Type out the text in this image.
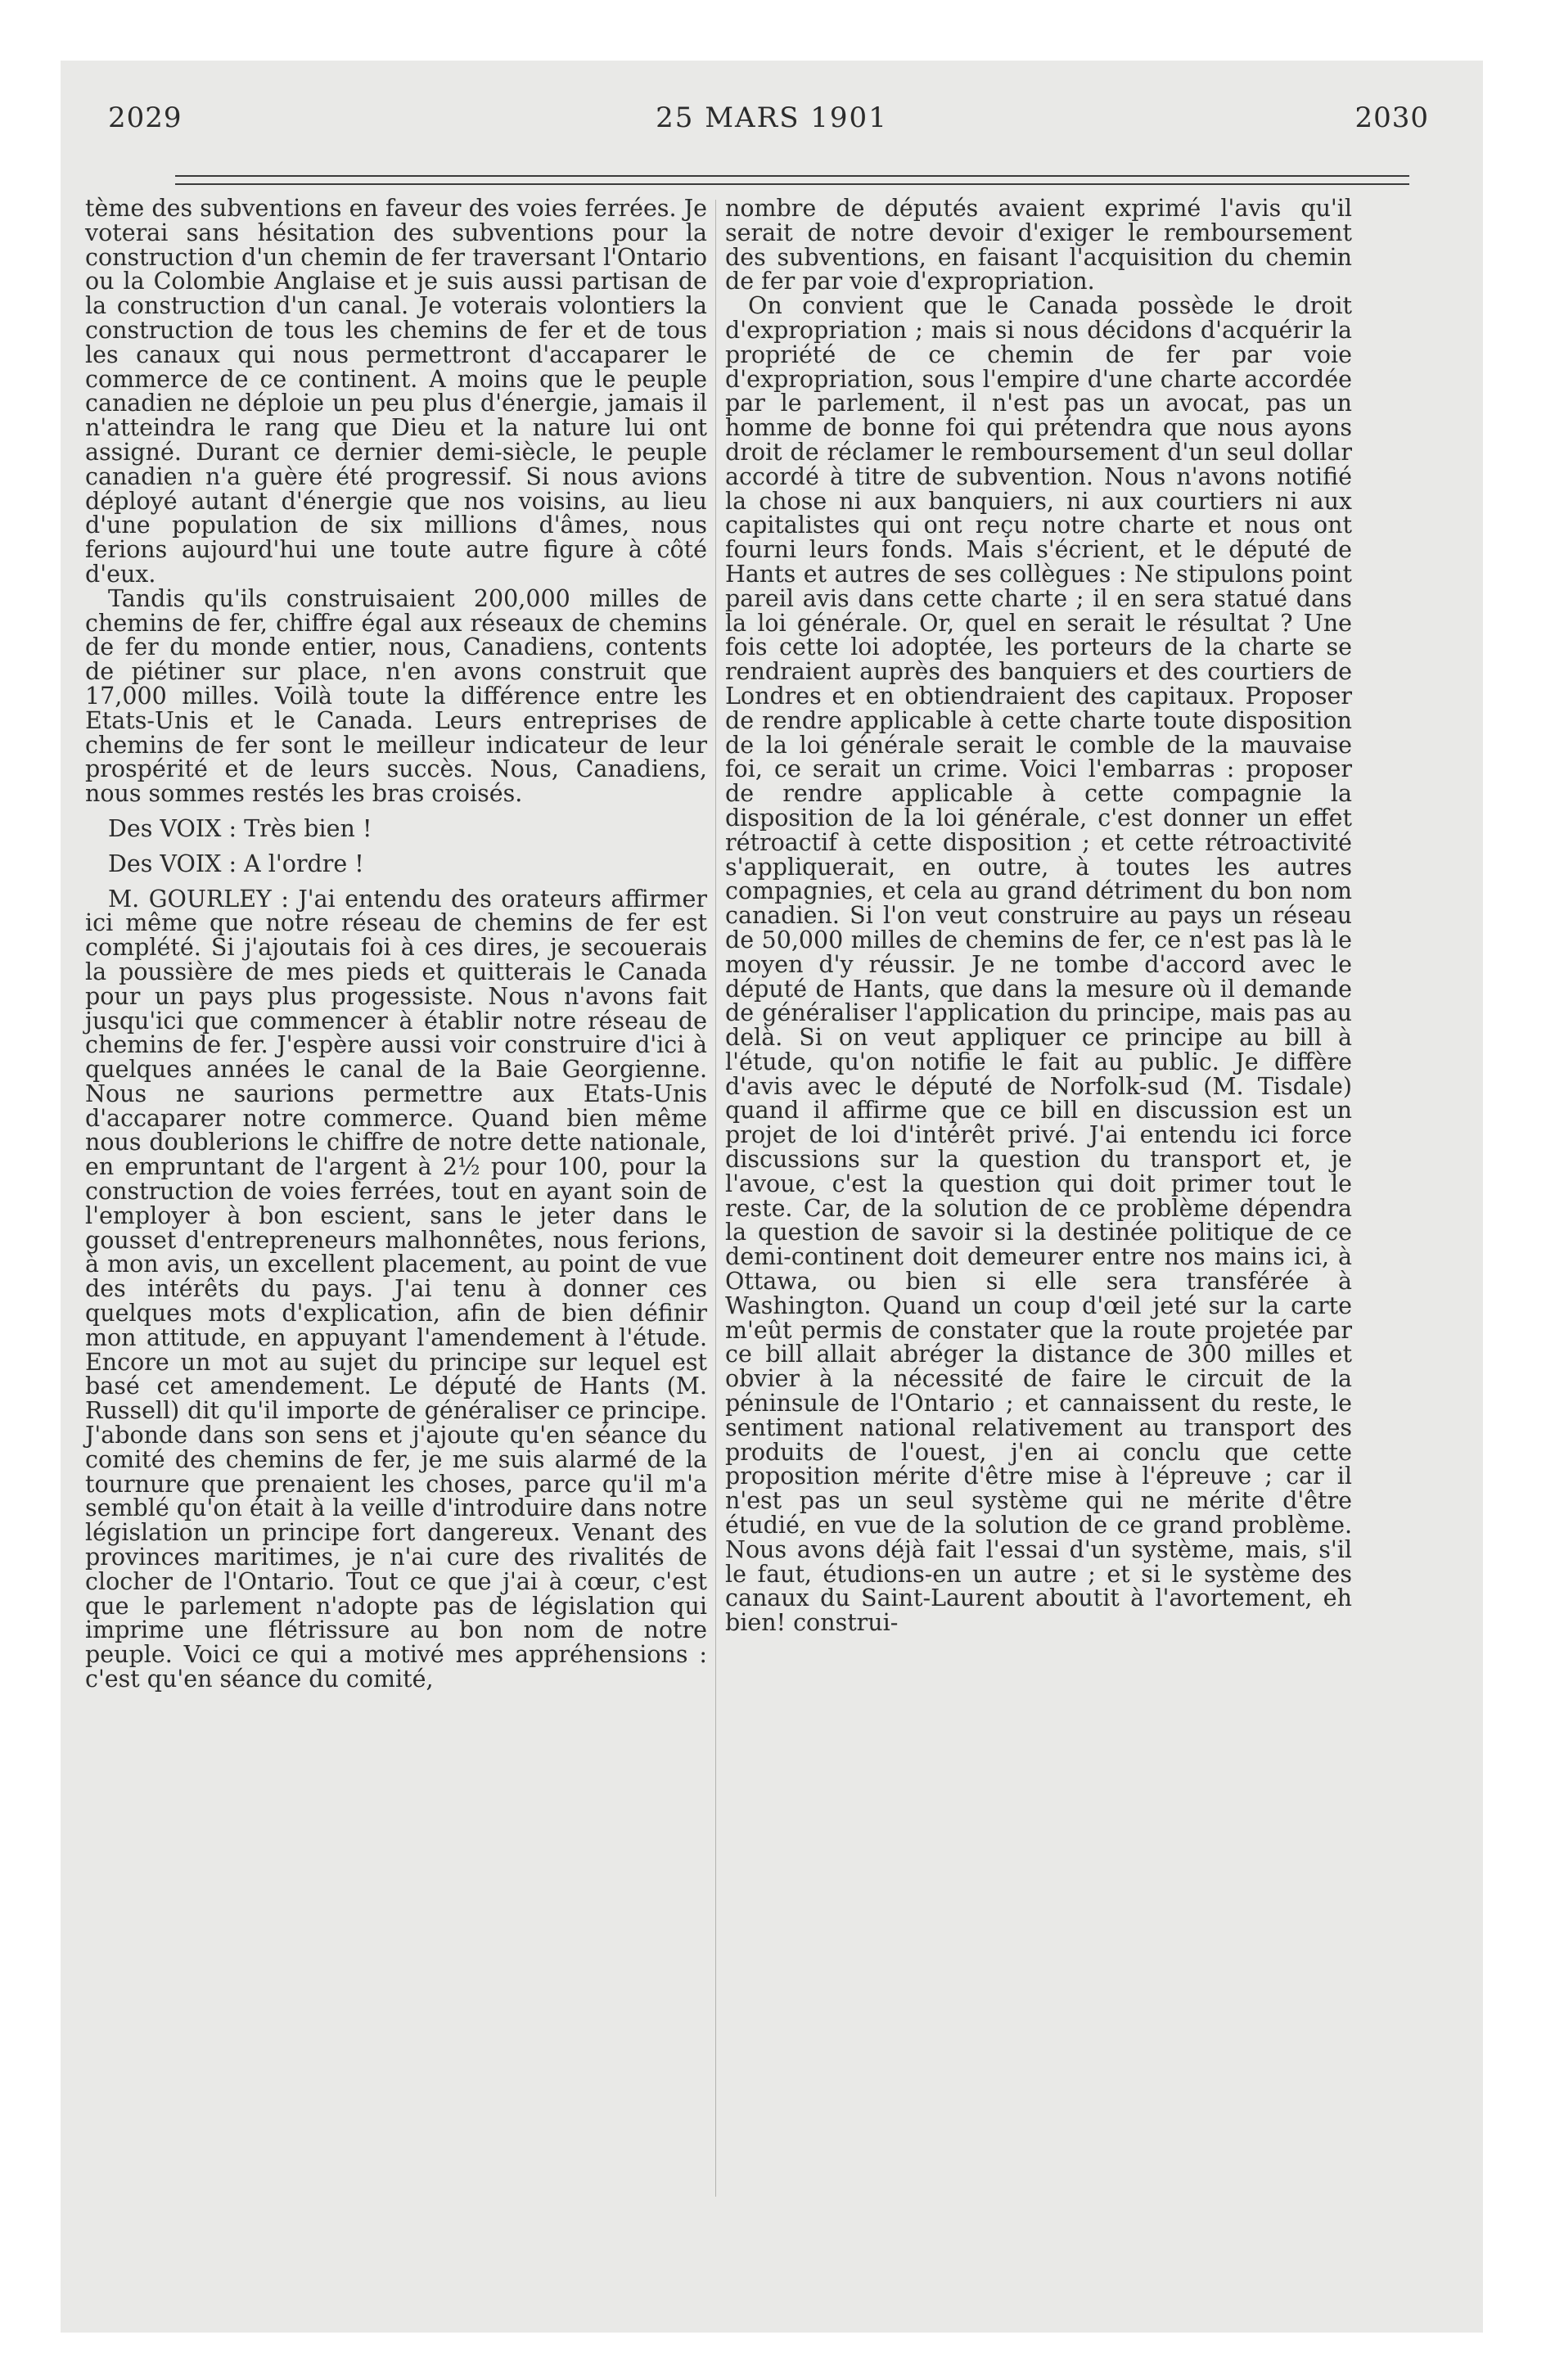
2029	25 MARS 1901	2030

tème des subventions en faveur des voies ferrées. Je voterai sans hésitation des subventions pour la construction d'un chemin de fer traversant l'Ontario ou la Colombie Anglaise et je suis aussi partisan de la construction d'un canal. Je voterais volontiers la construction de tous les chemins de fer et de tous les canaux qui nous permettront d'accaparer le commerce de ce continent. A moins que le peuple canadien ne déploie un peu plus d'énergie, jamais il n'atteindra le rang que Dieu et la nature lui ont assigné. Durant ce dernier demi-siècle, le peuple canadien n'a guère été progressif. Si nous avions déployé autant d'énergie que nos voisins, au lieu d'une population de six millions d'âmes, nous ferions aujourd'hui une toute autre figure à côté d'eux.

Tandis qu'ils construisaient 200,000 milles de chemins de fer, chiffre égal aux réseaux de chemins de fer du monde entier, nous, Canadiens, contents de piétiner sur place, n'en avons construit que 17,000 milles. Voilà toute la différence entre les Etats-Unis et le Canada. Leurs entreprises de chemins de fer sont le meilleur indicateur de leur prospérité et de leurs succès. Nous, Canadiens, nous sommes restés les bras croisés.

Des VOIX : Très bien !

Des VOIX : A l'ordre !

M. GOURLEY : J'ai entendu des orateurs affirmer ici même que notre réseau de chemins de fer est complété. Si j'ajoutais foi à ces dires, je secouerais la poussière de mes pieds et quitterais le Canada pour un pays plus progessiste. Nous n'avons fait jusqu'ici que commencer à établir notre réseau de chemins de fer. J'espère aussi voir construire d'ici à quelques années le canal de la Baie Georgienne. Nous ne saurions permettre aux Etats-Unis d'accaparer notre commerce. Quand bien même nous doublerions le chiffre de notre dette nationale, en empruntant de l'argent à 2½ pour 100, pour la construction de voies ferrées, tout en ayant soin de l'employer à bon escient, sans le jeter dans le gousset d'entrepreneurs malhonnêtes, nous ferions, à mon avis, un excellent placement, au point de vue des intérêts du pays. J'ai tenu à donner ces quelques mots d'explication, afin de bien définir mon attitude, en appuyant l'amendement à l'étude. Encore un mot au sujet du principe sur lequel est basé cet amendement. Le député de Hants (M. Russell) dit qu'il importe de généraliser ce principe. J'abonde dans son sens et j'ajoute qu'en séance du comité des chemins de fer, je me suis alarmé de la tournure que prenaient les choses, parce qu'il m'a semblé qu'on était à la veille d'introduire dans notre législation un principe fort dangereux. Venant des provinces maritimes, je n'ai cure des rivalités de clocher de l'Ontario. Tout ce que j'ai à cœur, c'est que le parlement n'adopte pas de législation qui imprime une flétrissure au bon nom de notre peuple. Voici ce qui a motivé mes appréhensions : c'est qu'en séance du comité,

nombre de députés avaient exprimé l'avis qu'il serait de notre devoir d'exiger le remboursement des subventions, en faisant l'acquisition du chemin de fer par voie d'expropriation.

On convient que le Canada possède le droit d'expropriation ; mais si nous décidons d'acquérir la propriété de ce chemin de fer par voie d'expropriation, sous l'empire d'une charte accordée par le parlement, il n'est pas un avocat, pas un homme de bonne foi qui prétendra que nous ayons droit de réclamer le remboursement d'un seul dollar accordé à titre de subvention. Nous n'avons notifié la chose ni aux banquiers, ni aux courtiers ni aux capitalistes qui ont reçu notre charte et nous ont fourni leurs fonds. Mais s'écrient, et le député de Hants et autres de ses collègues : Ne stipulons point pareil avis dans cette charte ; il en sera statué dans la loi générale. Or, quel en serait le résultat ? Une fois cette loi adoptée, les porteurs de la charte se rendraient auprès des banquiers et des courtiers de Londres et en obtiendraient des capitaux. Proposer de rendre applicable à cette charte toute disposition de la loi générale serait le comble de la mauvaise foi, ce serait un crime. Voici l'embarras : proposer de rendre applicable à cette compagnie la disposition de la loi générale, c'est donner un effet rétroactif à cette disposition ; et cette rétroactivité s'appliquerait, en outre, à toutes les autres compagnies, et cela au grand détriment du bon nom canadien. Si l'on veut construire au pays un réseau de 50,000 milles de chemins de fer, ce n'est pas là le moyen d'y réussir. Je ne tombe d'accord avec le député de Hants, que dans la mesure où il demande de généraliser l'application du principe, mais pas au delà. Si on veut appliquer ce principe au bill à l'étude, qu'on notifie le fait au public. Je diffère d'avis avec le député de Norfolk-sud (M. Tisdale) quand il affirme que ce bill en discussion est un projet de loi d'intérêt privé. J'ai entendu ici force discussions sur la question du transport et, je l'avoue, c'est la question qui doit primer tout le reste. Car, de la solution de ce problème dépendra la question de savoir si la destinée politique de ce demi-continent doit demeurer entre nos mains ici, à Ottawa, ou bien si elle sera transférée à Washington. Quand un coup d'œil jeté sur la carte m'eût permis de constater que la route projetée par ce bill allait abréger la distance de 300 milles et obvier à la nécessité de faire le circuit de la péninsule de l'Ontario ; et cannaissent du reste, le sentiment national relativement au transport des produits de l'ouest, j'en ai conclu que cette proposition mérite d'être mise à l'épreuve ; car il n'est pas un seul système qui ne mérite d'être étudié, en vue de la solution de ce grand problème. Nous avons déjà fait l'essai d'un système, mais, s'il le faut, étudions-en un autre ; et si le système des canaux du Saint-Laurent aboutit à l'avortement, eh bien! construi-
